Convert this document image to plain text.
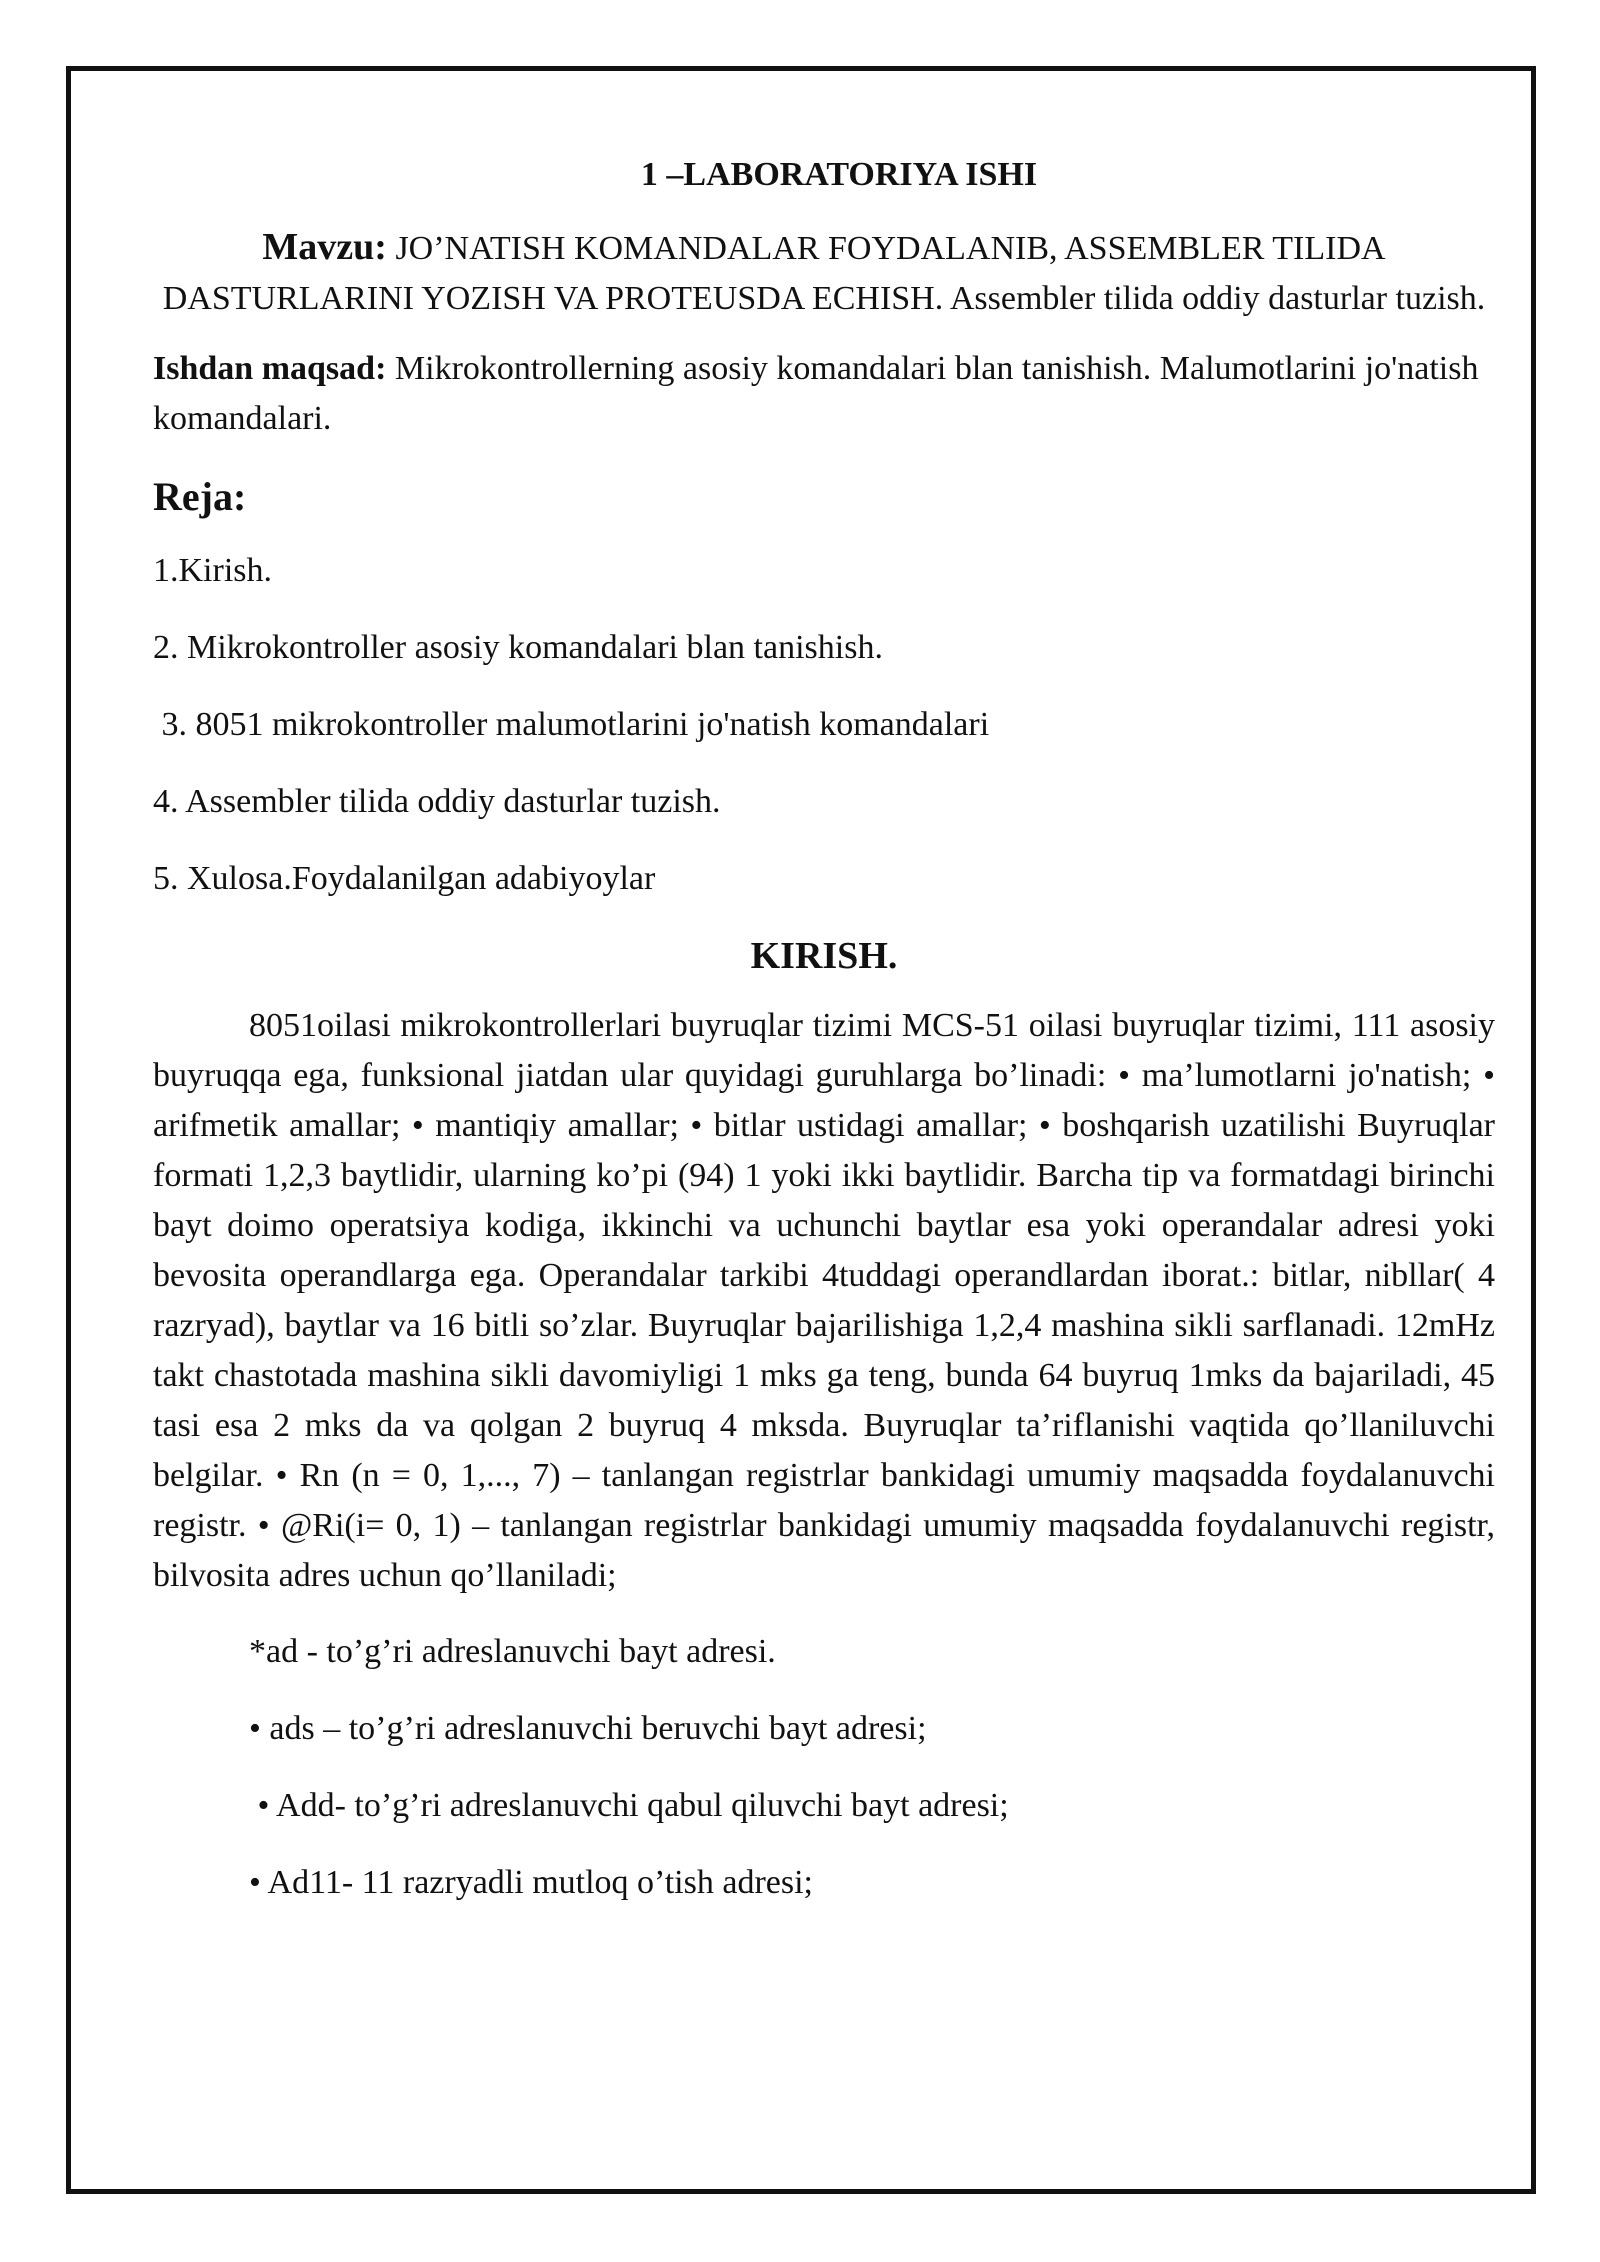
1 –LABORATORIYA ISHI
Mavzu: JO’NATISH KOMANDALAR FOYDALANIB, ASSEMBLER TILIDA DASTURLARINI YOZISH VA PROTEUSDA ECHISH. Assembler tilida oddiy dasturlar tuzish.
Ishdan maqsad: Mikrokontrollerning asosiy komandalari blan tanishish. Malumotlarini jo'natish komandalari.
Reja:
1.Kirish.
2. Mikrokontroller asosiy komandalari blan tanishish.
3. 8051 mikrokontroller malumotlarini jo'natish komandalari
4. Assembler tilida oddiy dasturlar tuzish.
5. Xulosa.Foydalanilgan adabiyoylar
KIRISH.
8051oilasi mikrokontrollerlari buyruqlar tizimi MCS-51 oilasi buyruqlar tizimi, 111 asosiy buyruqqa ega, funksional jiatdan ular quyidagi guruhlarga bo’linadi: • ma’lumotlarni jo'natish; • arifmetik amallar; • mantiqiy amallar; • bitlar ustidagi amallar; • boshqarish uzatilishi Buyruqlar formati 1,2,3 baytlidir, ularning ko’pi (94) 1 yoki ikki baytlidir. Barcha tip va formatdagi birinchi bayt doimo operatsiya kodiga, ikkinchi va uchunchi baytlar esa yoki operandalar adresi yoki bevosita operandlarga ega. Operandalar tarkibi 4tuddagi operandlardan iborat.: bitlar, nibllar( 4 razryad), baytlar va 16 bitli so’zlar. Buyruqlar bajarilishiga 1,2,4 mashina sikli sarflanadi. 12mHz takt chastotada mashina sikli davomiyligi 1 mks ga teng, bunda 64 buyruq 1mks da bajariladi, 45 tasi esa 2 mks da va qolgan 2 buyruq 4 mksda. Buyruqlar ta’riflanishi vaqtida qo’llaniluvchi belgilar. • Rn (n = 0, 1,..., 7) – tanlangan registrlar bankidagi umumiy maqsadda foydalanuvchi registr. • @Ri(i= 0, 1) – tanlangan registrlar bankidagi umumiy maqsadda foydalanuvchi registr, bilvosita adres uchun qo’llaniladi;
*ad - to’g’ri adreslanuvchi bayt adresi.
• ads – to’g’ri adreslanuvchi beruvchi bayt adresi;
• Add- to’g’ri adreslanuvchi qabul qiluvchi bayt adresi;
• Ad11- 11 razryadli mutloq o’tish adresi;
